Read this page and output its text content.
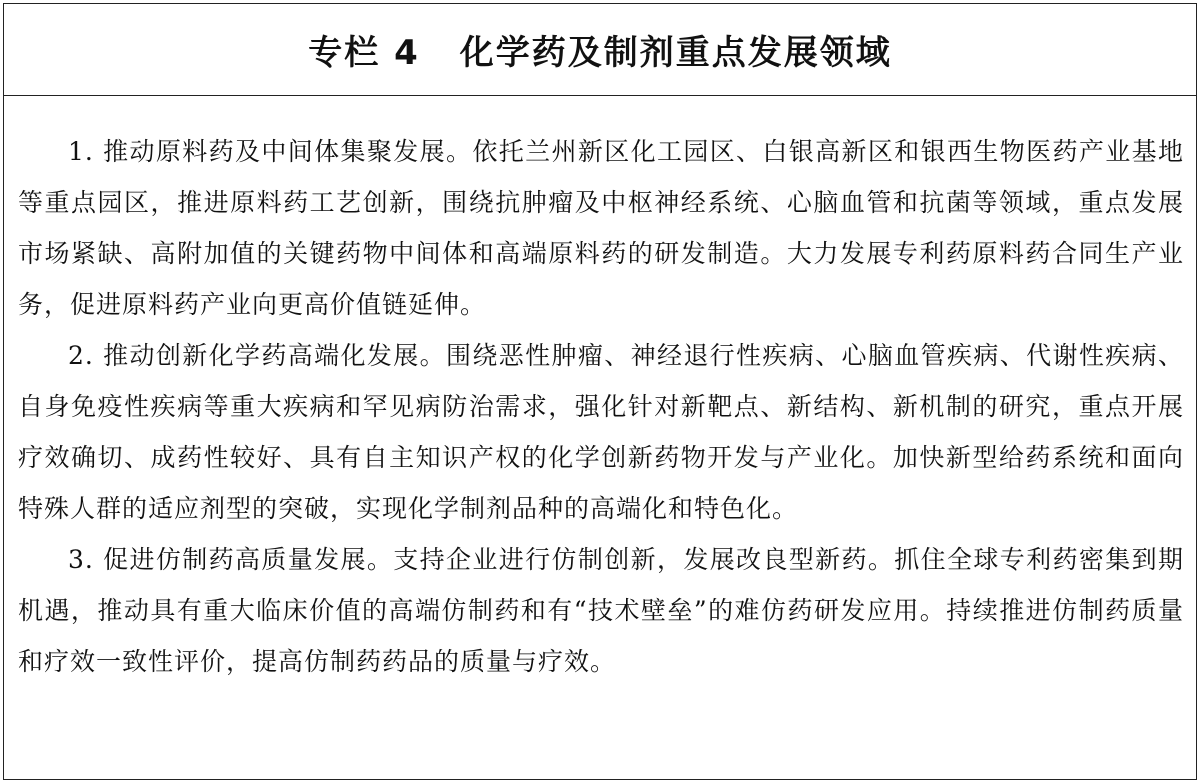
专栏 4 化学药及制剂重点发展领域

1. 推动原料药及中间体集聚发展。依托兰州新区化工园区、白银高新区和银西生物医药产业基地等重点园区，推进原料药工艺创新，围绕抗肿瘤及中枢神经系统、心脑血管和抗菌等领域，重点发展市场紧缺、高附加值的关键药物中间体和高端原料药的研发制造。大力发展专利药原料药合同生产业务，促进原料药产业向更高价值链延伸。

2. 推动创新化学药高端化发展。围绕恶性肿瘤、神经退行性疾病、心脑血管疾病、代谢性疾病、自身免疫性疾病等重大疾病和罕见病防治需求，强化针对新靶点、新结构、新机制的研究，重点开展疗效确切、成药性较好、具有自主知识产权的化学创新药物开发与产业化。加快新型给药系统和面向特殊人群的适应剂型的突破，实现化学制剂品种的高端化和特色化。

3. 促进仿制药高质量发展。支持企业进行仿制创新，发展改良型新药。抓住全球专利药密集到期机遇，推动具有重大临床价值的高端仿制药和有“技术壁垒”的难仿药研发应用。持续推进仿制药质量和疗效一致性评价，提高仿制药药品的质量与疗效。
